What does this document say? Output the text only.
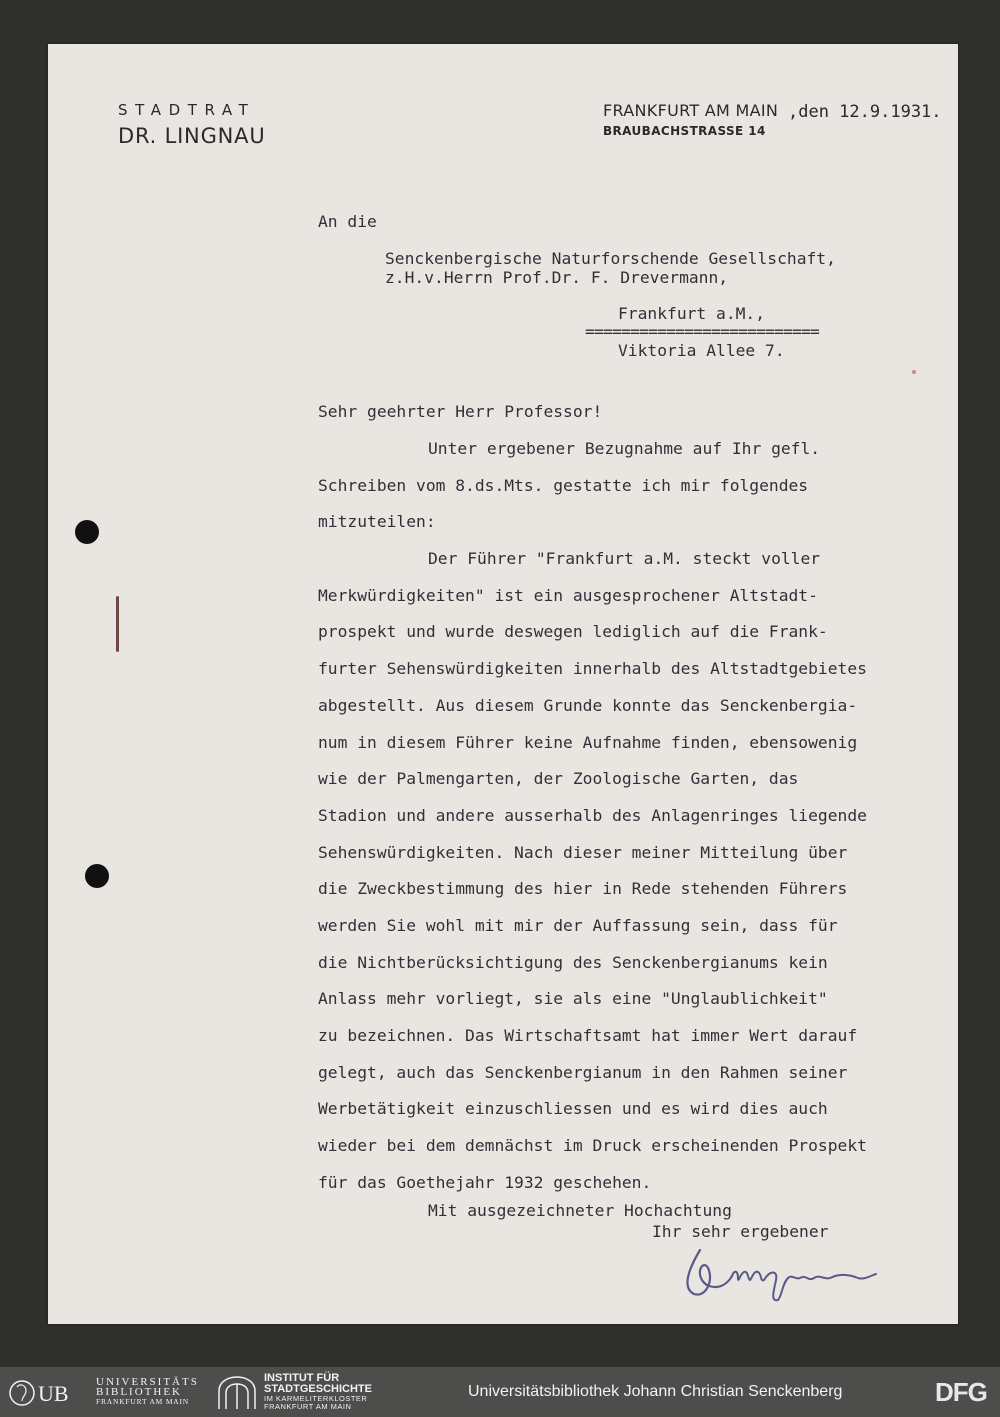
STADTRAT
DR. LINGNAU
FRANKFURT AM MAIN ,den 12.9.1931.
BRAUBACHSTRASSE 14
An die
Senckenbergische Naturforschende Gesellschaft,
z.H.v.Herrn Prof.Dr. F. Drevermann,
Frankfurt a.M.,
==========================
Viktoria Allee 7.
Sehr geehrter Herr Professor!
Unter ergebener Bezugnahme auf Ihr gefl.
Schreiben vom 8.ds.Mts. gestatte ich mir folgendes
mitzuteilen:
Der Führer "Frankfurt a.M. steckt voller
Merkwürdigkeiten" ist ein ausgesprochener Altstadt-
prospekt und wurde deswegen lediglich auf die Frank-
furter Sehenswürdigkeiten innerhalb des Altstadtgebietes
abgestellt. Aus diesem Grunde konnte das Senckenbergia-
num in diesem Führer keine Aufnahme finden, ebensowenig
wie der Palmengarten, der Zoologische Garten, das
Stadion und andere ausserhalb des Anlagenringes liegende
Sehenswürdigkeiten. Nach dieser meiner Mitteilung über
die Zweckbestimmung des hier in Rede stehenden Führers
werden Sie wohl mit mir der Auffassung sein, dass für
die Nichtberücksichtigung des Senckenbergianums kein
Anlass mehr vorliegt, sie als eine "Unglaublichkeit"
zu bezeichnen. Das Wirtschaftsamt hat immer Wert darauf
gelegt, auch das Senckenbergianum in den Rahmen seiner
Werbetätigkeit einzuschliessen und es wird dies auch
wieder bei dem demnächst im Druck erscheinenden Prospekt
für das Goethejahr 1932 geschehen.
Mit ausgezeichneter Hochachtung
Ihr sehr ergebener
UB UNIVERSITÄTS
BIBLIOTHEK
FRANKFURT AM MAIN
INSTITUT FÜR
STADTGESCHICHTE
IM KARMELITERKLOSTER
FRANKFURT AM MAIN
Universitätsbibliothek Johann Christian Senckenberg	DFG
